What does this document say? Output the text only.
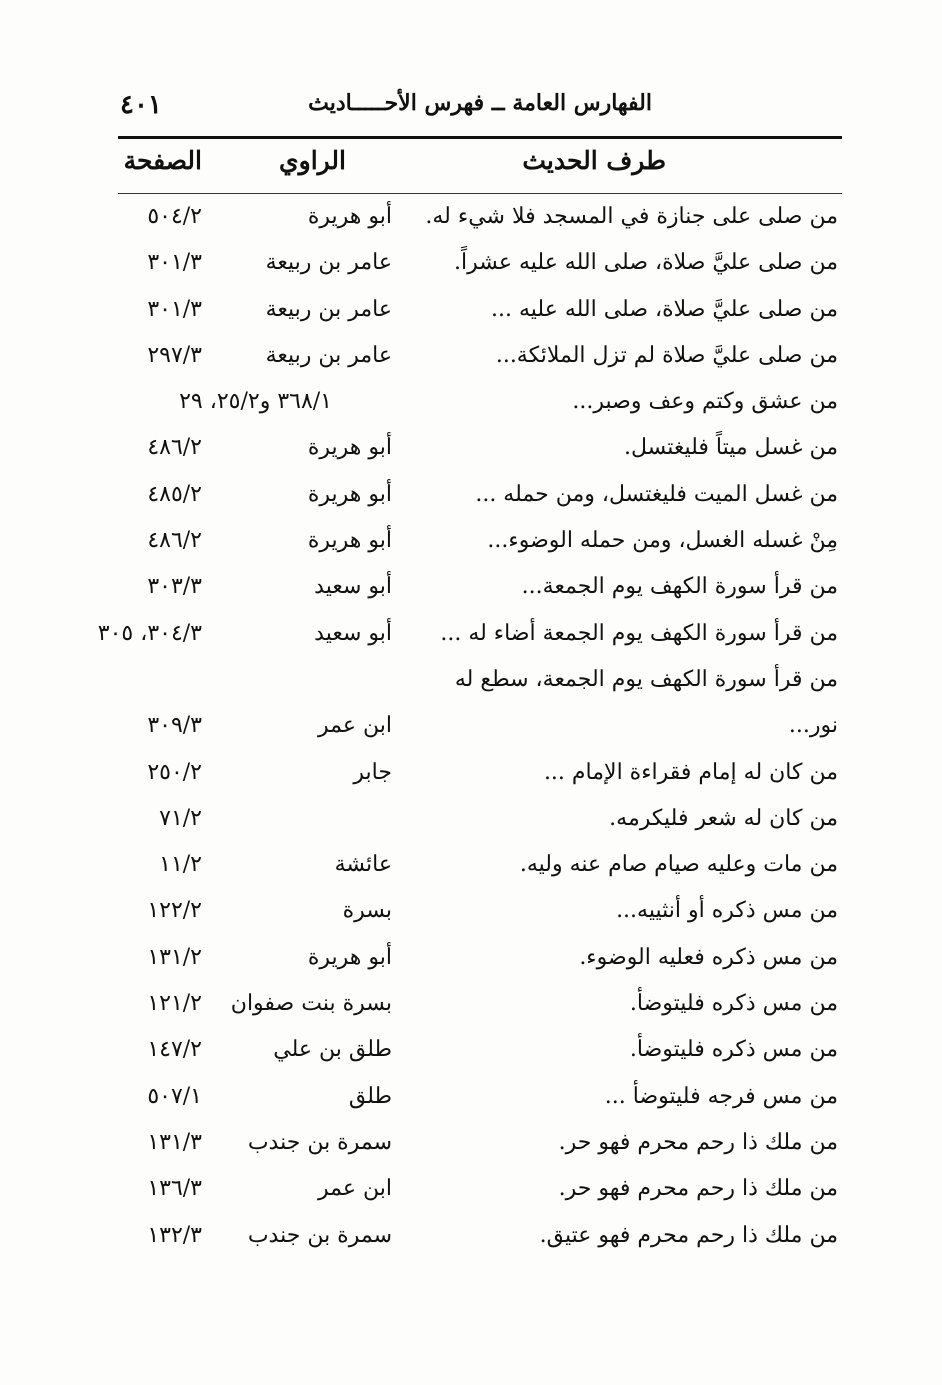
٤٠١	الفهارس العامة ــ فهرس الأحـــــاديث
طرف الحديث
الراوي
الصفحة
من صلى على جنازة في المسجد فلا شيء له.
أبو هريرة
٥٠٤/٢
من صلى عليَّ صلاة، صلى الله عليه عشراً.
عامر بن ربيعة
٣٠١/٣
من صلى عليَّ صلاة، صلى الله عليه ...
عامر بن ربيعة
٣٠١/٣
من صلى عليَّ صلاة لم تزل الملائكة...
عامر بن ربيعة
٢٩٧/٣
من عشق وكتم وعف وصبر...
٣٦٨/١ و٢٥/٢، ٢٩
من غسل ميتاً فليغتسل.
أبو هريرة
٤٨٦/٢
من غسل الميت فليغتسل، ومن حمله ...
أبو هريرة
٤٨٥/٢
مِنْ غسله الغسل، ومن حمله الوضوء...
أبو هريرة
٤٨٦/٢
من قرأ سورة الكهف يوم الجمعة...
أبو سعيد
٣٠٣/٣
من قرأ سورة الكهف يوم الجمعة أضاء له ...
أبو سعيد
٣٠٤/٣، ٣٠٥
من قرأ سورة الكهف يوم الجمعة، سطع له
نور...
ابن عمر
٣٠٩/٣
من كان له إمام فقراءة الإمام ...
جابر
٢٥٠/٢
من كان له شعر فليكرمه.
٧١/٢
من مات وعليه صيام صام عنه وليه.
عائشة
١١/٢
من مس ذكره أو أنثييه...
بسرة
١٢٢/٢
من مس ذكره فعليه الوضوء.
أبو هريرة
١٣١/٢
من مس ذكره فليتوضأ.
بسرة بنت صفوان
١٢١/٢
من مس ذكره فليتوضأ.
طلق بن علي
١٤٧/٢
من مس فرجه فليتوضأ ...
طلق
٥٠٧/١
من ملك ذا رحم محرم فهو حر.
سمرة بن جندب
١٣١/٣
من ملك ذا رحم محرم فهو حر.
ابن عمر
١٣٦/٣
من ملك ذا رحم محرم فهو عتيق.
سمرة بن جندب
١٣٢/٣
